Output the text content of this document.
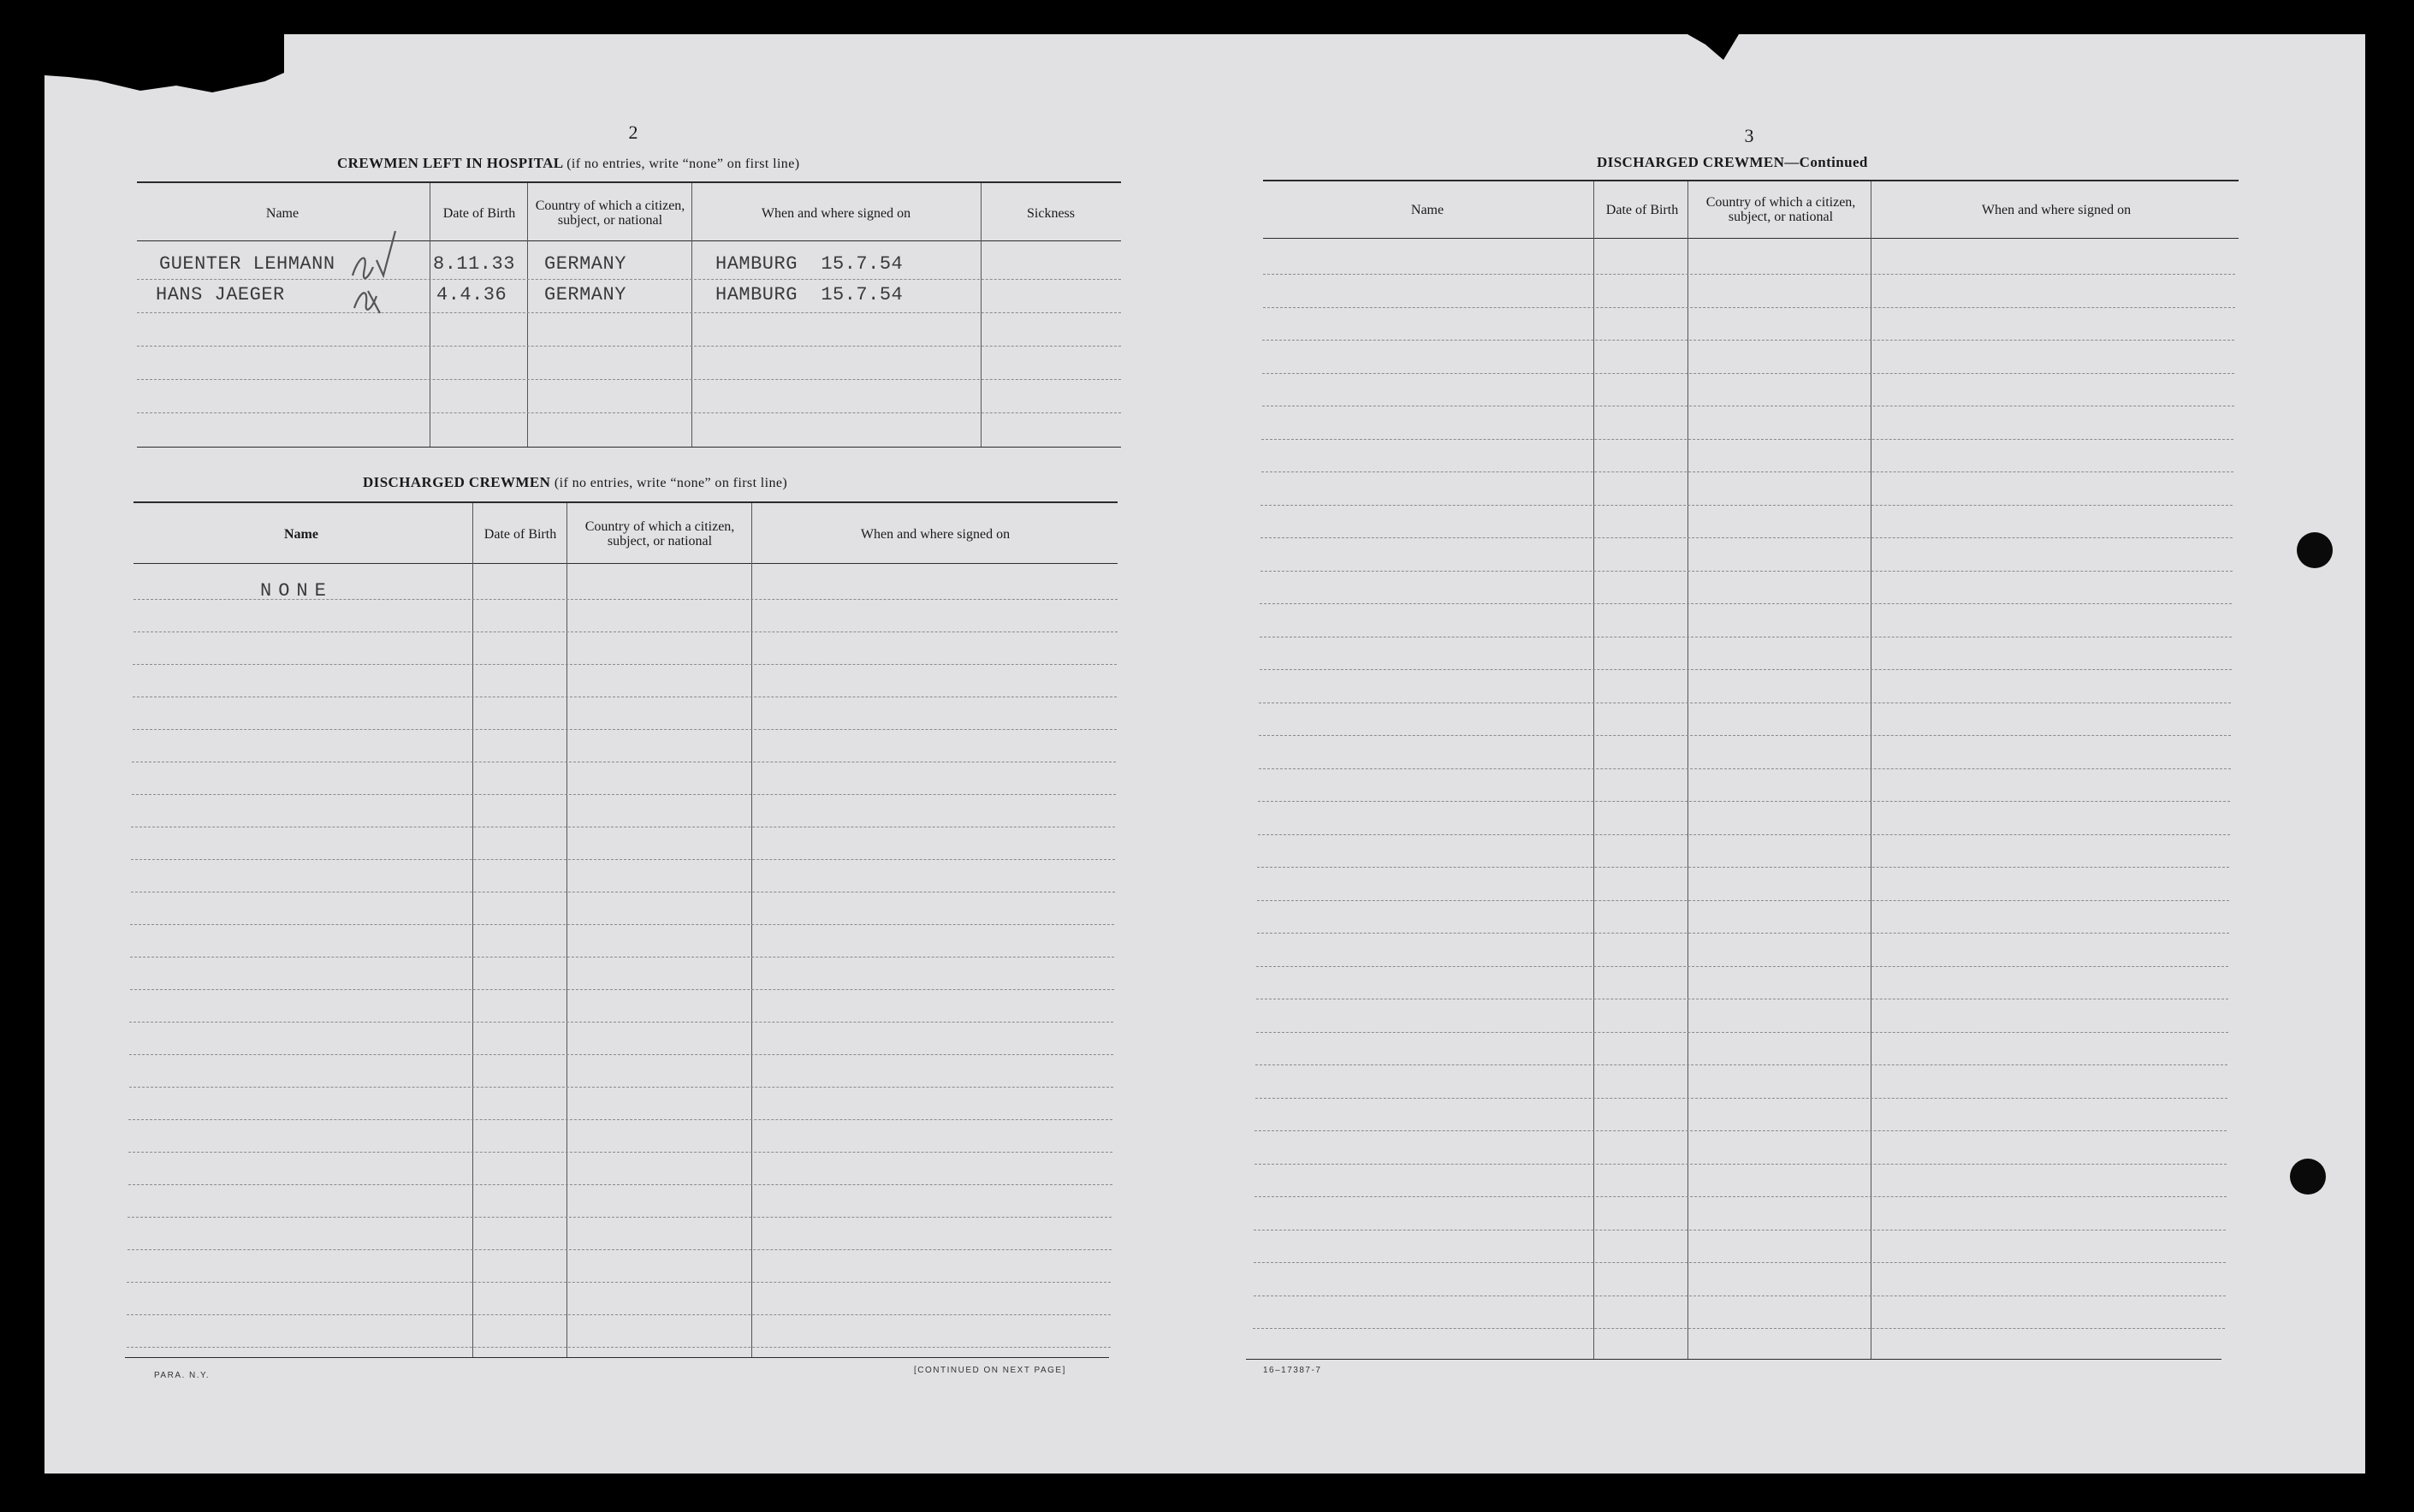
2
CREWMEN LEFT IN HOSPITAL (if no entries, write “none” on first line)
Name	Date of Birth	Country of which a citizen, subject, or national	When and where signed on	Sickness
GUENTER LEHMANN	8.11.33 GERMANY	HAMBURG  15.7.54
HANS JAEGER	4.4.36 GERMANY	HAMBURG  15.7.54
DISCHARGED CREWMEN (if no entries, write “none” on first line)
Name	Date of Birth	Country of which a citizen, subject, or national	When and where signed on
NONE
PARA. N.Y.
[CONTINUED ON NEXT PAGE]
3
DISCHARGED CREWMEN—Continued
Name	Date of Birth	Country of which a citizen, subject, or national	When and where signed on
16–17387-7
